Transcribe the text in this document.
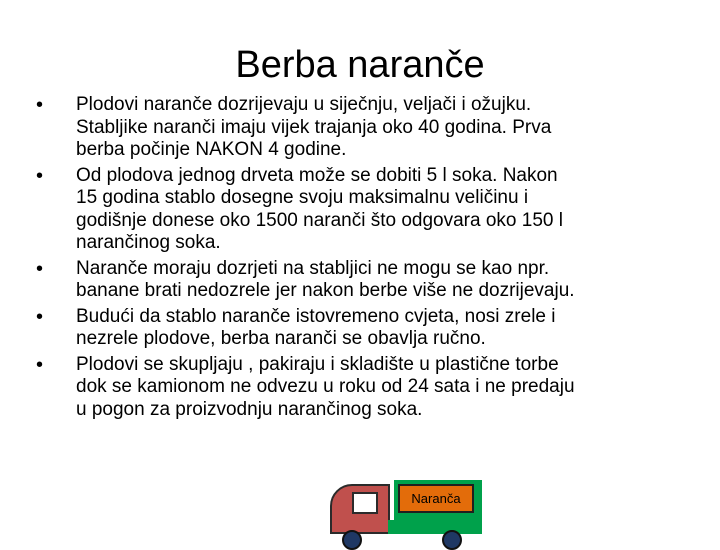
Berba naranče
• Plodovi naranče dozrijevaju u siječnju, veljači i ožujku.
Stabljike naranči imaju vijek trajanja oko 40 godina. Prva
berba počinje NAKON 4 godine.
• Od plodova jednog drveta može se dobiti 5 l soka. Nakon
15 godina stablo dosegne svoju maksimalnu veličinu i
godišnje donese oko 1500 naranči što odgovara oko 150 l
narančinog soka.
• Naranče moraju dozrjeti na stabljici ne mogu se kao npr.
banane brati nedozrele jer nakon berbe više ne dozrijevaju.
• Budući da stablo naranče istovremeno cvjeta, nosi zrele i
nezrele plodove, berba naranči se obavlja ručno.
• Plodovi se skupljaju , pakiraju i skladište u plastične torbe
dok se kamionom ne odvezu u roku od 24 sata i ne predaju
u pogon za proizvodnju narančinog soka.
Naranča
